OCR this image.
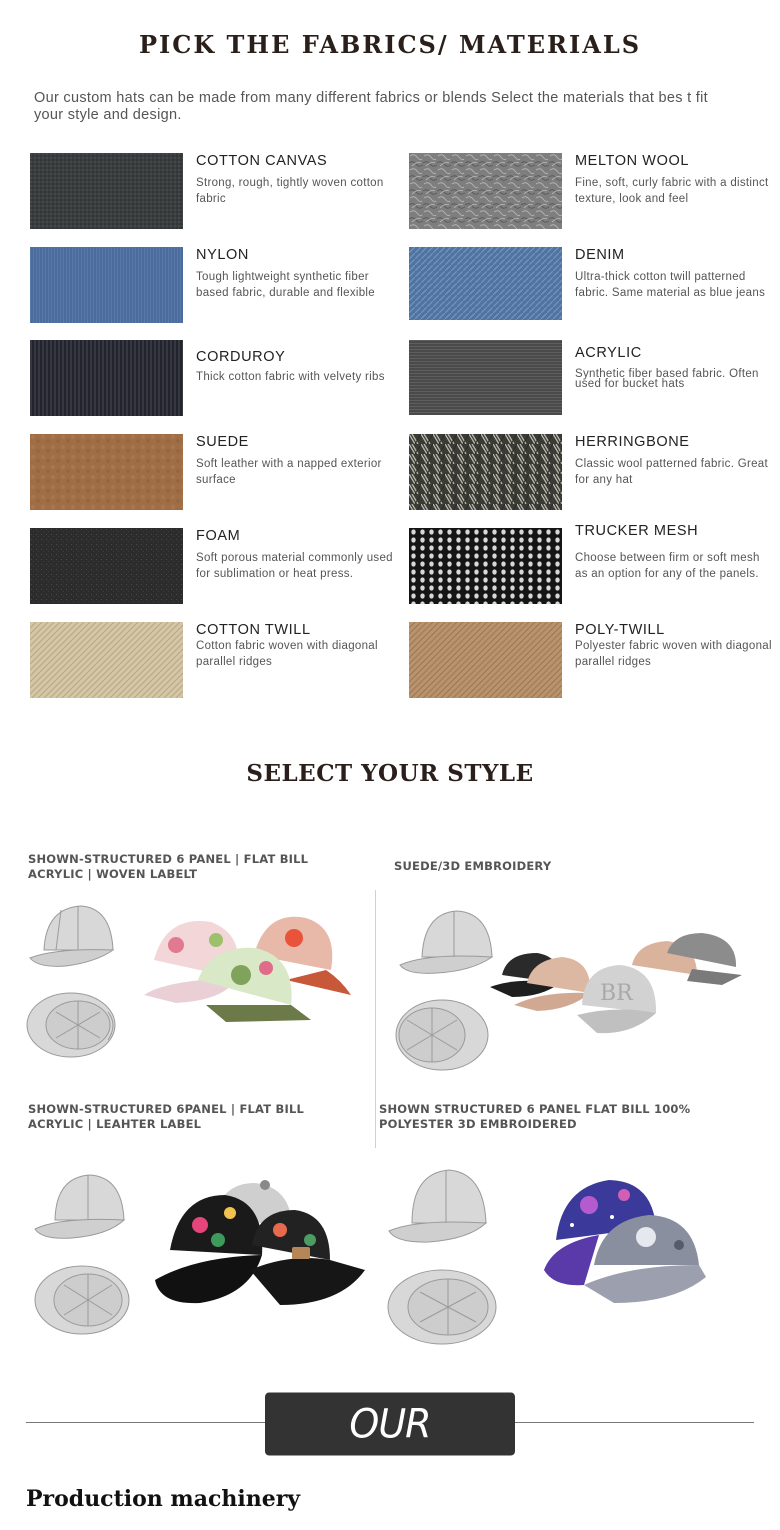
PICK THE FABRICS/ MATERIALS
Our custom hats can be made from many different fabrics or blends Select the materials that bes t fit your style and design.
COTTON CANVAS
Strong, rough, tightly woven cotton fabric
MELTON WOOL
Fine, soft, curly fabric with a distinct texture, look and feel
NYLON
Tough lightweight synthetic fiber based fabric, durable and flexible
DENIM
Ultra-thick cotton twill patterned fabric. Same material as blue jeans
CORDUROY
Thick cotton fabric with velvety ribs
ACRYLIC
Synthetic fiber based fabric. Often used for bucket hats
SUEDE
Soft leather with a napped exterior surface
HERRINGBONE
Classic wool patterned fabric. Great for any hat
FOAM
Soft porous material commonly used for sublimation or heat press.
TRUCKER MESH
Choose between firm or soft mesh as an option for any of the panels.
COTTON TWILL
Cotton fabric woven with diagonal parallel ridges
POLY-TWILL
Polyester fabric woven with diagonal parallel ridges
SELECT YOUR STYLE
SHOWN-STRUCTURED 6 PANEL | FLAT BILL
ACRYLIC | WOVEN LABELT
SUEDE/3D EMBROIDERY
SHOWN-STRUCTURED 6PANEL | FLAT BILL
ACRYLIC | LEAHTER LABEL
SHOWN STRUCTURED 6 PANEL FLAT BILL 100%
POLYESTER 3D EMBROIDERED
BR
OUR FACTORY
Production machinery
